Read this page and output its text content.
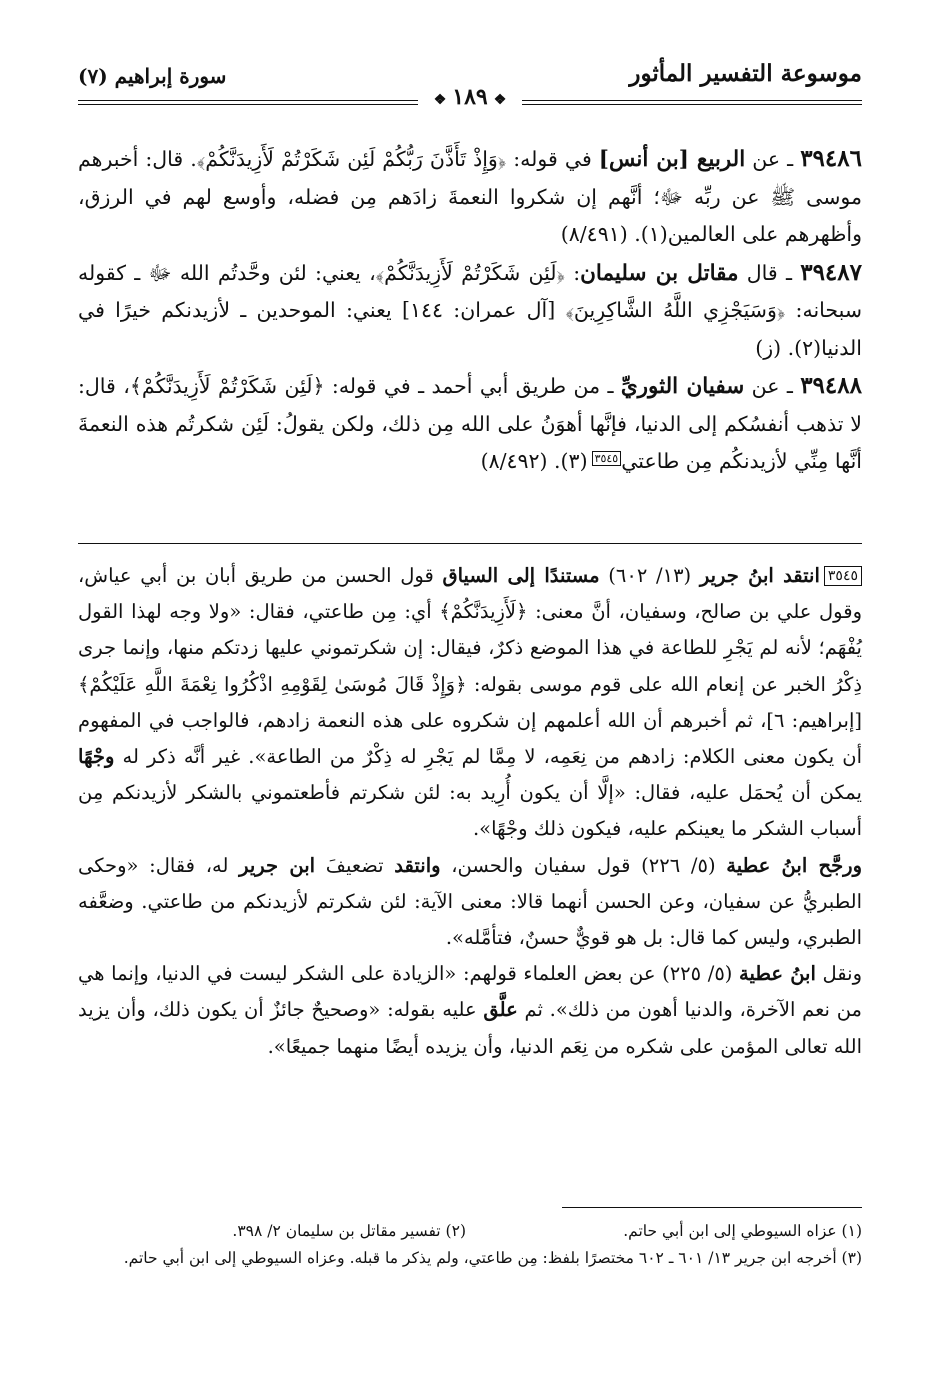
موسوعة التفسير المأثور
سورة إبراهيم (٧)
❖١٨٩❖

٣٩٤٨٦ ـ عن الربيع [بن أنس] في قوله: ﴿وَإِذْ تَأَذَّنَ رَبُّكُمْ لَئِن شَكَرْتُمْ لَأَزِيدَنَّكُمْ﴾. قال: أخبرهم موسى ﷺ عن ربِّه ﷻ؛ أنَّهم إن شكروا النعمةَ زادَهم مِن فضله، وأوسع لهم في الرزق، وأظهرهم على العالمين(١). (٨/٤٩١)

٣٩٤٨٧ ـ قال مقاتل بن سليمان: ﴿لَئِن شَكَرْتُمْ لَأَزِيدَنَّكُمْ﴾، يعني: لئن وحَّدتُم الله ﷻ ـ كقوله سبحانه: ﴿وَسَيَجْزِي اللَّهُ الشَّاكِرِينَ﴾ [آل عمران: ١٤٤] يعني: الموحدين ـ لأزيدنكم خيرًا في الدنيا(٢). (ز)

٣٩٤٨٨ ـ عن سفيان الثوريِّ ـ من طريق أبي أحمد ـ في قوله: ﴿لَئِن شَكَرْتُمْ لَأَزِيدَنَّكُمْ﴾، قال: لا تذهب أنفسُكم إلى الدنيا، فإنَّها أهوَنُ على الله مِن ذلك، ولكن يقولُ: لَئِن شكرتُم هذه النعمةَ أنَّها مِنِّي لأزيدنكُم مِن طاعتي٣٥٤٥(٣). (٨/٤٩٢)

٣٥٤٥انتقد ابنُ جرير (١٣/ ٦٠٢) مستندًا إلى السياق قول الحسن من طريق أبان بن أبي عياش، وقول علي بن صالح، وسفيان، أنَّ معنى: ﴿لَأَزِيدَنَّكُمْ﴾ أي: مِن طاعتي، فقال: «ولا وجه لهذا القول يُفْهَم؛ لأنه لم يَجْرِ للطاعة في هذا الموضع ذكرٌ، فيقال: إن شكرتموني عليها زدتكم منها، وإنما جرى ذِكْرُ الخبر عن إنعام الله على قوم موسى بقوله: ﴿وَإِذْ قَالَ مُوسَىٰ لِقَوْمِهِ اذْكُرُوا نِعْمَةَ اللَّهِ عَلَيْكُمْ﴾ [إبراهيم: ٦]، ثم أخبرهم أن الله أعلمهم إن شكروه على هذه النعمة زادهم، فالواجب في المفهوم أن يكون معنى الكلام: زادهم من نِعَمِه، لا مِمَّا لم يَجْرِ له ذِكْرٌ من الطاعة». غير أنَّه ذكر له وجْهًا يمكن أن يُحمَل عليه، فقال: «إلَّا أن يكون أُرِيد به: لئن شكرتم فأطعتموني بالشكر لأزيدنكم مِن أسباب الشكر ما يعينكم عليه، فيكون ذلك وجْهًا».

ورجَّح ابنُ عطية (٥/ ٢٢٦) قول سفيان والحسن، وانتقد تضعيفَ ابن جرير له، فقال: «وحكى الطبريُّ عن سفيان، وعن الحسن أنهما قالا: معنى الآية: لئن شكرتم لأزيدنكم من طاعتي. وضعَّفه الطبري، وليس كما قال: بل هو قويٌّ حسنٌ، فتأمَّله».

ونقل ابنُ عطية (٥/ ٢٢٥) عن بعض العلماء قولهم: «الزيادة على الشكر ليست في الدنيا، وإنما هي من نعم الآخرة، والدنيا أهون من ذلك». ثم علَّق عليه بقوله: «وصحيحٌ جائزٌ أن يكون ذلك، وأن يزيد الله تعالى المؤمن على شكره من نِعَم الدنيا، وأن يزيده أيضًا منهما جميعًا».

(١) عزاه السيوطي إلى ابن أبي حاتم.
(٢) تفسير مقاتل بن سليمان ٢/ ٣٩٨.

(٣) أخرجه ابن جرير ١٣/ ٦٠١ ـ ٦٠٢ مختصرًا بلفظ: مِن طاعتي، ولم يذكر ما قبله. وعزاه السيوطي إلى ابن أبي حاتم.
